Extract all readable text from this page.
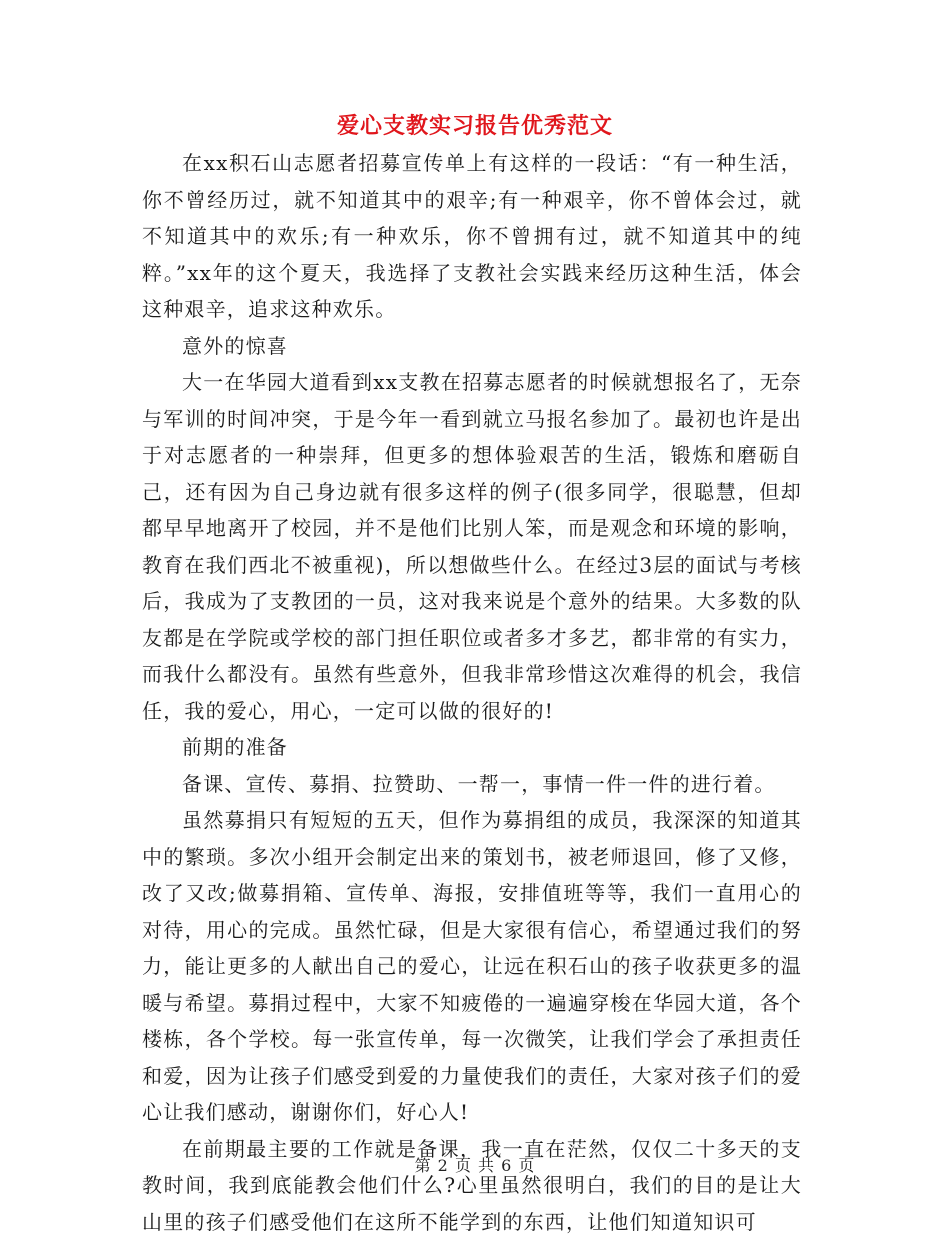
爱心支教实习报告优秀范文

在xx积石山志愿者招募宣传单上有这样的一段话：“有一种生活，你不曾经历过，就不知道其中的艰辛;有一种艰辛，你不曾体会过，就不知道其中的欢乐;有一种欢乐，你不曾拥有过，就不知道其中的纯粹。”xx年的这个夏天，我选择了支教社会实践来经历这种生活，体会这种艰辛，追求这种欢乐。

意外的惊喜

大一在华园大道看到xx支教在招募志愿者的时候就想报名了，无奈与军训的时间冲突，于是今年一看到就立马报名参加了。最初也许是出于对志愿者的一种崇拜，但更多的想体验艰苦的生活，锻炼和磨砺自己，还有因为自己身边就有很多这样的例子(很多同学，很聪慧，但却都早早地离开了校园，并不是他们比别人笨，而是观念和环境的影响，教育在我们西北不被重视)，所以想做些什么。在经过3层的面试与考核后，我成为了支教团的一员，这对我来说是个意外的结果。大多数的队友都是在学院或学校的部门担任职位或者多才多艺，都非常的有实力，而我什么都没有。虽然有些意外，但我非常珍惜这次难得的机会，我信任，我的爱心，用心，一定可以做的很好的!

前期的准备

备课、宣传、募捐、拉赞助、一帮一，事情一件一件的进行着。

虽然募捐只有短短的五天，但作为募捐组的成员，我深深的知道其中的繁琐。多次小组开会制定出来的策划书，被老师退回，修了又修，改了又改;做募捐箱、宣传单、海报，安排值班等等，我们一直用心的对待，用心的完成。虽然忙碌，但是大家很有信心，希望通过我们的努力，能让更多的人献出自己的爱心，让远在积石山的孩子收获更多的温暖与希望。募捐过程中，大家不知疲倦的一遍遍穿梭在华园大道，各个楼栋，各个学校。每一张宣传单，每一次微笑，让我们学会了承担责任和爱，因为让孩子们感受到爱的力量使我们的责任，大家对孩子们的爱心让我们感动，谢谢你们，好心人!

在前期最主要的工作就是备课，我一直在茫然，仅仅二十多天的支教时间，我到底能教会他们什么?心里虽然很明白，我们的目的是让大山里的孩子们感受他们在这所不能学到的东西，让他们知道知识可

第 2 页 共 6 页
